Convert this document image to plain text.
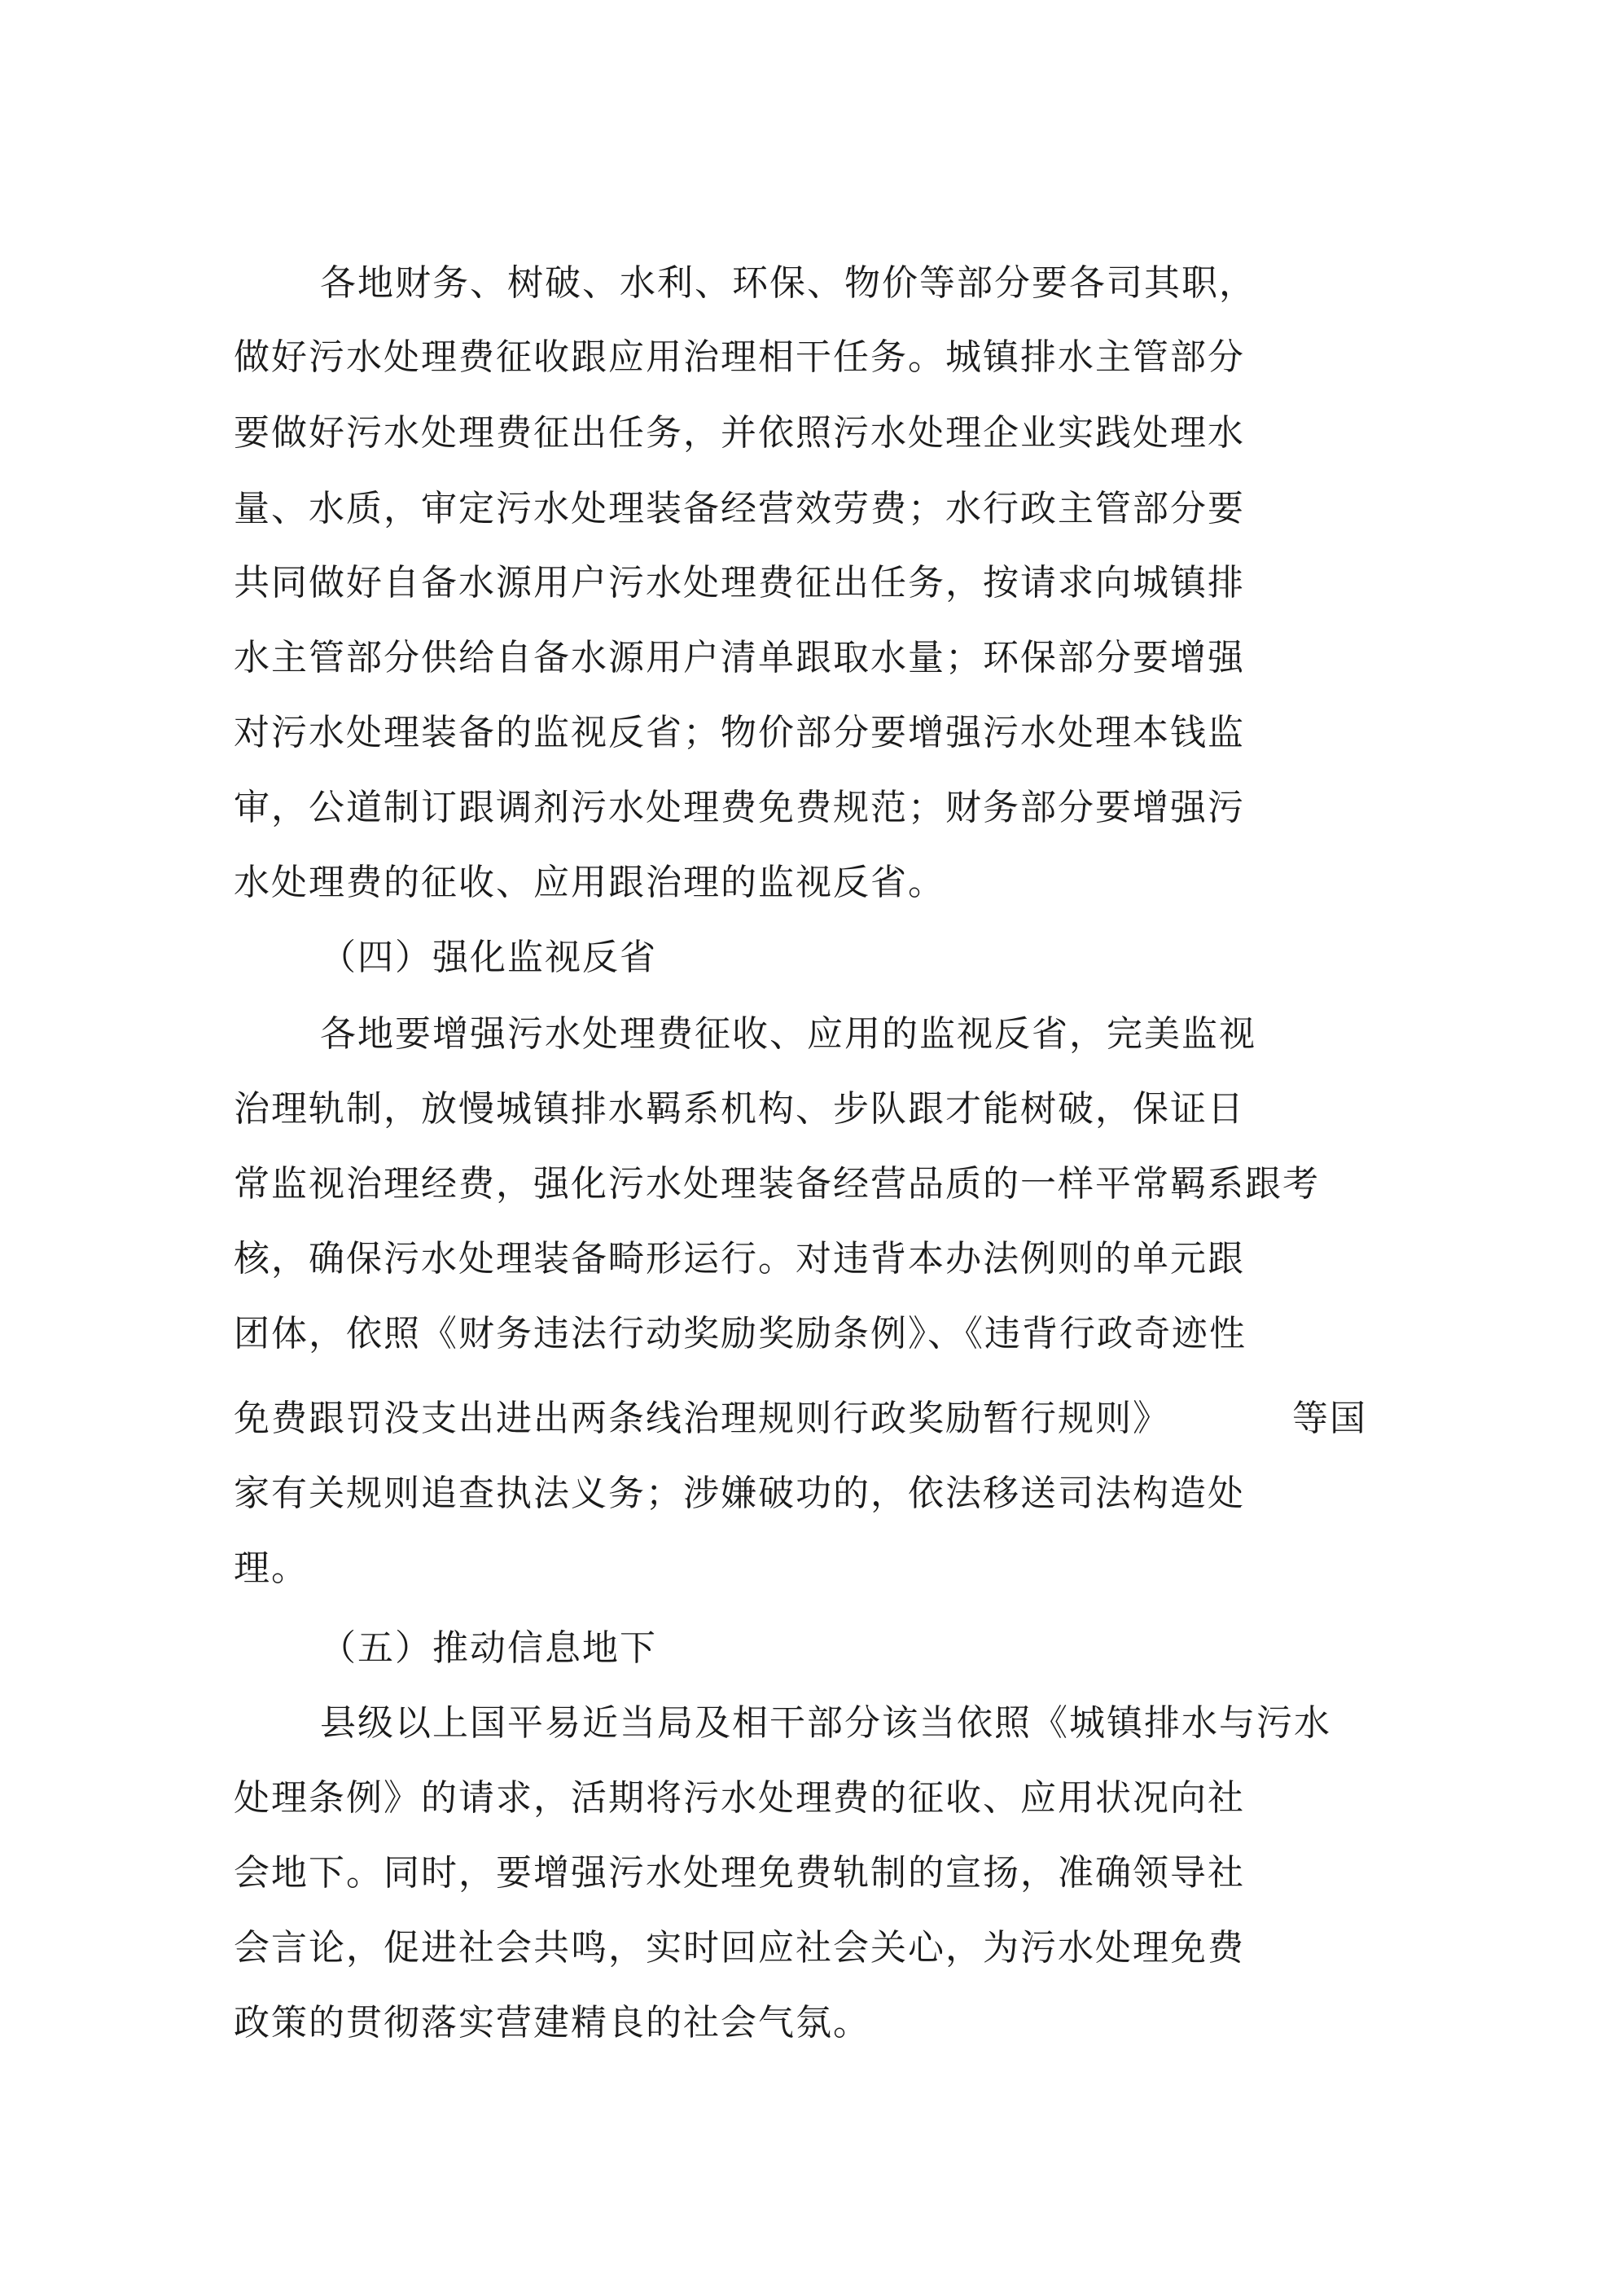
各地财务、树破、水利、环保、物价等部分要各司其职，
做好污水处理费征收跟应用治理相干任务。城镇排水主管部分
要做好污水处理费征出任务，并依照污水处理企业实践处理水
量、水质，审定污水处理装备经营效劳费；水行政主管部分要
共同做好自备水源用户污水处理费征出任务，按请求向城镇排
水主管部分供给自备水源用户清单跟取水量；环保部分要增强
对污水处理装备的监视反省；物价部分要增强污水处理本钱监
审，公道制订跟调剂污水处理费免费规范；财务部分要增强污
水处理费的征收、应用跟治理的监视反省。
（四）强化监视反省
各地要增强污水处理费征收、应用的监视反省，完美监视
治理轨制，放慢城镇排水羁系机构、步队跟才能树破，保证日
常监视治理经费，强化污水处理装备经营品质的一样平常羁系跟考
核，确保污水处理装备畸形运行。对违背本办法例则的单元跟
团体，依照《财务违法行动奖励奖励条例》、《违背行政奇迹性
免费跟罚没支出进出两条线治理规则行政奖励暂行规则》	等国
家有关规则追查执法义务；涉嫌破功的，依法移送司法构造处
理。
（五）推动信息地下
县级以上国平易近当局及相干部分该当依照《城镇排水与污水
处理条例》的请求，活期将污水处理费的征收、应用状况向社
会地下。同时，要增强污水处理免费轨制的宣扬，准确领导社
会言论，促进社会共鸣，实时回应社会关心，为污水处理免费
政策的贯彻落实营建精良的社会气氛。
